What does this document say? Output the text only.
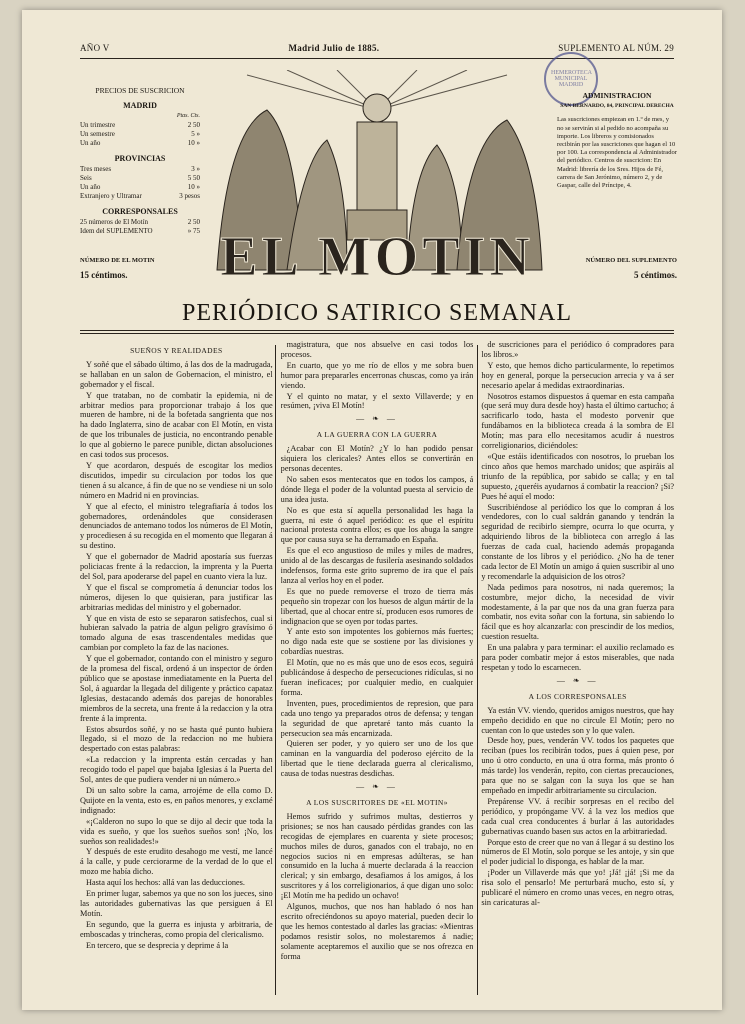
AÑO V	Madrid Julio de 1885.	SUPLEMENTO AL NÚM. 29
PRECIOS DE SUSCRICION
MADRID
Ptas. Cts.
Un trimestre	2 50
Un semestre	5 »
Un año	10 »
PROVINCIAS
Tres meses	3 »
Seis	5 50
Un año	10 »
Extranjero y Ultramar	3 pesos
CORRESPONSALES
25 números de El Motín	2 50
Idem del SUPLEMENTO	» 75
HEMEROTECA MUNICIPAL MADRID
ADMINISTRACION
SAN BERNARDO, 84, PRINCIPAL DERECHA
Las suscriciones empiezan en 1.º de mes, y no se servirán si al pedido no acompaña su importe. Los libreros y comisionados recibirán por las suscriciones que hagan el 10 por 100. La correspondencia al Administrador del periódico. Centros de suscricion: En Madrid: librería de los Sres. Hijos de Fé, carrera de San Jerónimo, número 2, y de Gaspar, calle del Príncipe, 4.
EL MOTIN
NÚMERO DE EL MOTIN
15 céntimos.
NÚMERO DEL SUPLEMENTO
5 céntimos.
PERIÓDICO SATIRICO SEMANAL
SUEÑOS Y REALIDADES

Y soñé que el sábado último, á las dos de la madrugada, se hallaban en un salon de Gobernacion, el ministro, el gobernador y el fiscal.

Y que trataban, no de combatir la epidemia, ni de arbitrar medios para proporcionar trabajo á los que mueren de hambre, ni de la bofetada sangrienta que nos ha dado Inglaterra, sino de acabar con El Motín, en vista de que los tribunales de justicia, no encontrando penable lo que al gobierno le parece punible, dictan absoluciones en casi todos sus procesos.

Y que acordaron, después de escogitar los medios discutidos, impedir su circulacion por todos los que tienen á su alcance, á fin de que no se vendiese ni un solo número en Madrid ni en provincias.

Y que al efecto, el ministro telegrafiaría á todos los gobernadores, ordenándoles que considerasen denunciados de antemano todos los números de El Motín, y procediesen á su recogida en el momento que llegaran á su destino.

Y que el gobernador de Madrid apostaría sus fuerzas policiacas frente á la redaccion, la imprenta y la Puerta del Sol, para apoderarse del papel en cuanto viera la luz.

Y que el fiscal se comprometía á denunciar todos los números, dijesen lo que quisieran, para justificar las arbitrarias medidas del ministro y el gobernador.

Y que en vista de esto se separaron satisfechos, cual si hubieran salvado la patria de algun peligro gravísimo ó tomado alguna de esas trascendentales medidas que cambian por completo la faz de las naciones.

Y que el gobernador, contando con el ministro y seguro de la promesa del fiscal, ordenó á un inspector de órden público que se apostase inmediatamente en la Puerta del Sol, á aguardar la llegada del diligente y práctico capataz Iglesias, destacando además dos parejas de honorables miembros de la secreta, una frente á la redaccion y la otra frente á la imprenta.

Estos absurdos soñé, y no se hasta qué punto hubiera llegado, si el mozo de la redaccion no me hubiera despertado con estas palabras:

«La redaccion y la imprenta están cercadas y han recogido todo el papel que bajaba Iglesias á la Puerta del Sol, antes de que pudiera vender ni un número.»

Di un salto sobre la cama, arrojéme de ella como D. Quijote en la venta, esto es, en paños menores, y exclamé indignado:

«¡Calderon no supo lo que se dijo al decir que toda la vida es sueño, y que los sueños sueños son! ¡No, los sueños son realidades!»

Y después de este erudito desahogo me vestí, me lancé á la calle, y pude cerciorarme de la verdad de lo que el mozo me había dicho.

Hasta aquí los hechos: allá van las deducciones.

En primer lugar, sabemos ya que no son los jueces, sino las autoridades gubernativas las que persiguen á El Motín.

En segundo, que la guerra es injusta y arbitraria, de emboscadas y trincheras, como propia del clericalismo.

En tercero, que se desprecia y deprime á la

magistratura, que nos absuelve en casi todos los procesos.

En cuarto, que yo me río de ellos y me sobra buen humor para prepararles encerronas chuscas, como ya irán viendo.

Y el quinto no matar, y el sexto Villaverde; y en resúmen, ¡viva El Motín!

— ❧ —
A LA GUERRA CON LA GUERRA

¿Acabar con El Motín? ¿Y lo han podido pensar siquiera los clericales? Antes ellos se convertirán en personas decentes.

No saben esos mentecatos que en todos los campos, á dónde llega el poder de la voluntad puesta al servicio de una idea justa.

No es que esta sí aquella personalidad les haga la guerra, ni este ó aquel periódico: es que el espíritu nacional protesta contra ellos; es que los abuga la sangre que por causa suya se ha derramado en España.

Es que el eco angustioso de miles y miles de madres, unido al de las descargas de fusilería asesinando soldados indefensos, forma este grito supremo de ira que el país lanza al verlos hoy en el poder.

Es que no puede removerse el trozo de tierra más pequeño sin tropezar con los huesos de algun mártir de la libertad, que al chocar entre sí, producen esos rumores de indignacion que se oyen por todas partes.

Y ante esto son impotentes los gobiernos más fuertes; no digo nada este que se sostiene por las divisiones y cobardías nuestras.

El Motín, que no es más que uno de esos ecos, seguirá publicándose á despecho de persecuciones ridículas, si no fueran ineficaces; por cualquier medio, en cualquier forma.

Inventen, pues, procedimientos de represion, que para cada uno tengo ya preparados otros de defensa; y tengan la seguridad de que apretaré tanto más cuanto la persecucion sea más encarnizada.

Quieren ser poder, y yo quiero ser uno de los que caminan en la vanguardia del poderoso ejército de la libertad que le tiene declarada guerra al clericalismo, causa de todas nuestras desdichas.

— ❧ —
A LOS SUSCRITORES DE «EL MOTIN»

Hemos sufrido y sufrimos multas, destierros y prisiones; se nos han causado pérdidas grandes con las recogidas de ejemplares en cuarenta y siete procesos; muchos miles de duros, ganados con el trabajo, no en negocios sucios ni en empresas adúlteras, se han consumido en la lucha á muerte declarada á la reaccion clerical; y sin embargo, desafiamos á los amigos, á los suscritores y á los correligionarios, á que digan uno solo: ¡El Motín me ha pedido un ochavo!

Algunos, muchos, que nos han hablado ó nos han escrito ofreciéndonos su apoyo material, pueden decir lo que les hemos contestado al darles las gracias: «Mientras podamos resistir solos, no molestaremos á nadie; solamente aceptaremos el auxilio que se nos ofrezca en forma

de suscriciones para el periódico ó compradores para los libros.»

Y esto, que hemos dicho particularmente, lo repetimos hoy en general, porque la persecucion arrecia y va á ser necesario apelar á medidas extraordinarias.

Nosotros estamos dispuestos á quemar en esta campaña (que será muy dura desde hoy) hasta el último cartucho; á sacrificarlo todo, hasta el modesto porvenir que fundábamos en la biblioteca creada á la sombra de El Motín; mas para ello necesitamos acudir á nuestros correligionarios, diciéndoles:

«Que estáis identificados con nosotros, lo prueban los cinco años que hemos marchado unidos; que aspiráis al triunfo de la república, por sabido se calla; y en tal supuesto, ¿queréis ayudarnos á combatir la reaccion? ¡Si? Pues hé aquí el modo:

Suscribiéndose al periódico los que lo compran á los vendedores, con lo cual saldrán ganando y tendrán la seguridad de recibirlo siempre, ocurra lo que ocurra, y adquiriendo libros de la biblioteca con arreglo á las fuerzas de cada cual, haciendo además propaganda constante de los libros y el periódico. ¿No ha de tener cada lector de El Motín un amigo á quien suscribir al uno y recomendarle la adquisicion de los otros?

Nada pedimos para nosotros, ni nada queremos; la costumbre, mejor dicho, la necesidad de vivir modestamente, á la par que nos da una gran fuerza para combatir, nos evita soñar con la fortuna, sin sabiendo lo fácil que es hoy alcanzarla: con prescindir de los medios, cuestion resuelta.

En una palabra y para terminar: el auxilio reclamado es para poder combatir mejor á estos miserables, que nada respetan y todo lo escarnecen.

— ❧ —
A LOS CORRESPONSALES

Ya están VV. viendo, queridos amigos nuestros, que hay empeño decidido en que no circule El Motín; pero no cuentan con lo que ustedes son y lo que valen.

Desde hoy, pues, venderán VV. todos los paquetes que reciban (pues los recibirán todos, pues á quien pese, por uno ú otro conducto, en una ú otra forma, más pronto ó más tarde) los venderán, repito, con ciertas precauciones, para que no se salgan con la suya los que se han empeñado en impedir arbitrariamente su circulacion.

Prepárense VV. á recibir sorpresas en el recibo del periódico, y propóngame VV. á la vez los medios que cada cual crea conducentes á burlar á las autoridades gubernativas cuando basen sus actos en la arbitrariedad.

Porque esto de creer que no van á llegar á su destino los números de El Motín, solo porque se les antoje, y sin que el poder judicial lo disponga, es hablar de la mar.

¡Poder un Villaverde más que yo! ¡Já! ¡já! ¡Si me da risa solo el pensarlo! Me perturbará mucho, esto sí, y publicaré el número en cromo unas veces, en negro otras, sin caricaturas al-
